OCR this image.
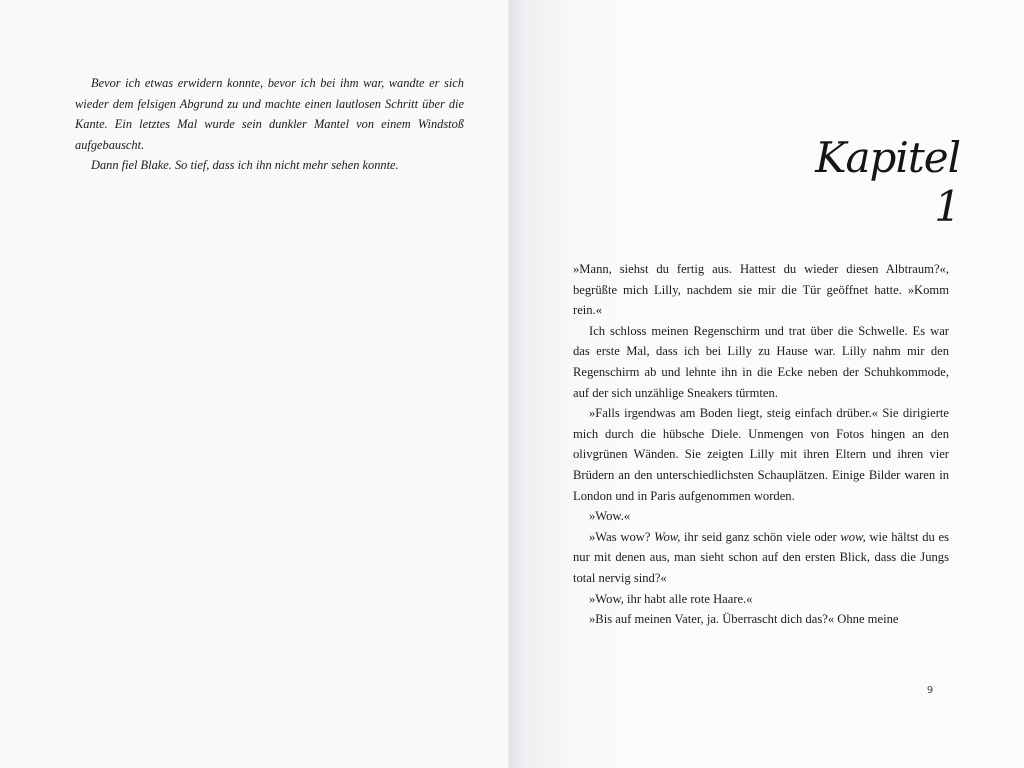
Bevor ich etwas erwidern konnte, bevor ich bei ihm war, wandte er sich wieder dem felsigen Abgrund zu und machte einen lautlosen Schritt über die Kante. Ein letztes Mal wurde sein dunkler Mantel von einem Windstoß aufgebauscht.

Dann fiel Blake. So tief, dass ich ihn nicht mehr sehen konnte.	Kapitel 1

»Mann, siehst du fertig aus. Hattest du wieder diesen Albtraum?«, begrüßte mich Lilly, nachdem sie mir die Tür geöffnet hatte. »Komm rein.«

Ich schloss meinen Regenschirm und trat über die Schwelle. Es war das erste Mal, dass ich bei Lilly zu Hause war. Lilly nahm mir den Regenschirm ab und lehnte ihn in die Ecke neben der Schuhkommode, auf der sich unzählige Sneakers türmten.

»Falls irgendwas am Boden liegt, steig einfach drüber.« Sie dirigierte mich durch die hübsche Diele. Unmengen von Fotos hingen an den olivgrünen Wänden. Sie zeigten Lilly mit ihren Eltern und ihren vier Brüdern an den unterschiedlichsten Schauplätzen. Einige Bilder waren in London und in Paris aufgenommen worden.

»Wow.«

»Was wow? Wow, ihr seid ganz schön viele oder wow, wie hältst du es nur mit denen aus, man sieht schon auf den ersten Blick, dass die Jungs total nervig sind?«

»Wow, ihr habt alle rote Haare.«

»Bis auf meinen Vater, ja. Überrascht dich das?« Ohne meine

9
